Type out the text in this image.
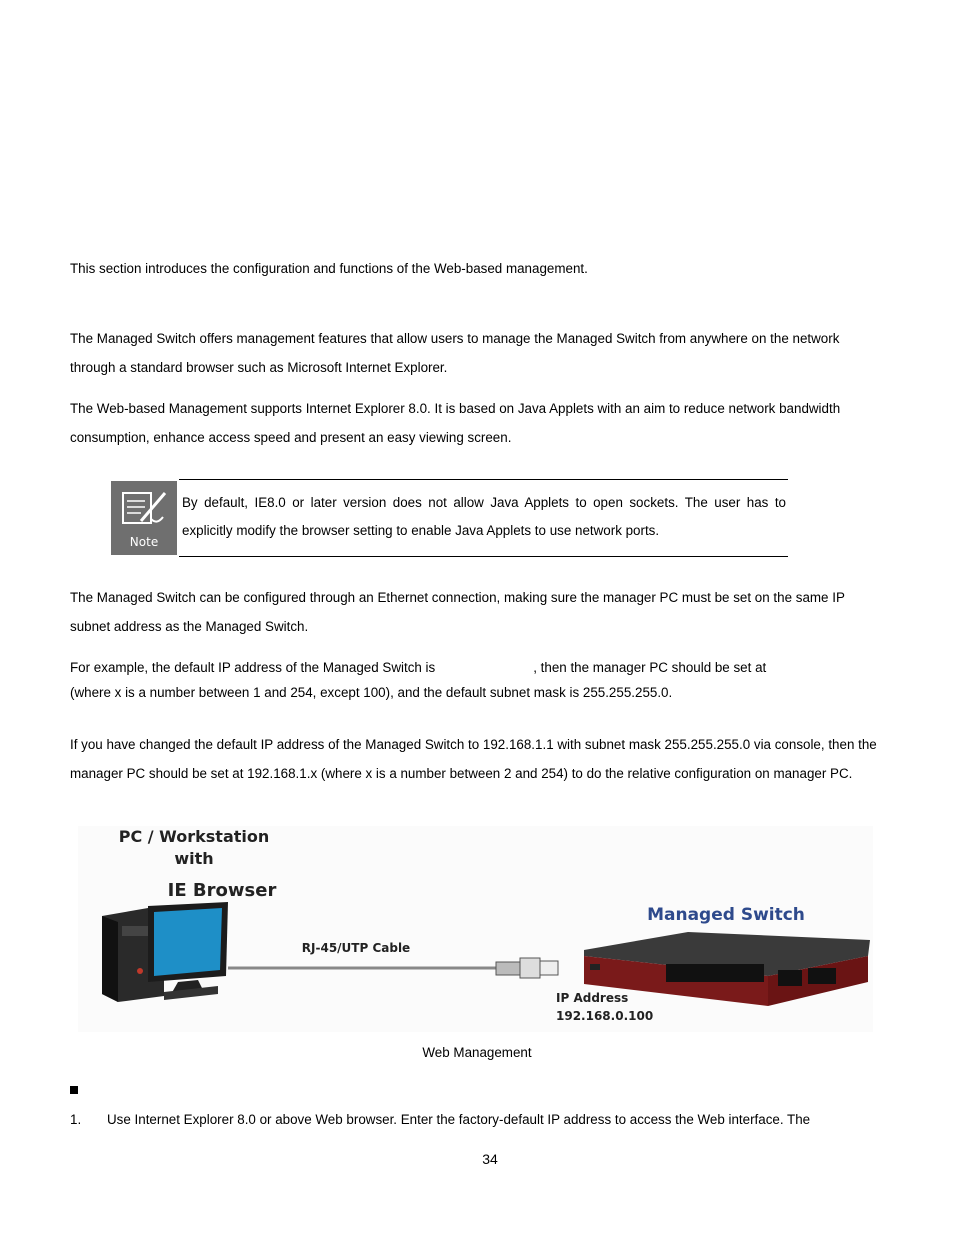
This section introduces the configuration and functions of the Web-based management.

The Managed Switch offers management features that allow users to manage the Managed Switch from anywhere on the network through a standard browser such as Microsoft Internet Explorer.

The Web-based Management supports Internet Explorer 8.0. It is based on Java Applets with an aim to reduce network bandwidth consumption, enhance access speed and present an easy viewing screen.

Note
By default, IE8.0 or later version does not allow Java Applets to open sockets. The user has to explicitly modify the browser setting to enable Java Applets to use network ports.

The Managed Switch can be configured through an Ethernet connection, making sure the manager PC must be set on the same IP subnet address as the Managed Switch.

For example, the default IP address of the Managed Switch is	, then the manager PC should be set at
(where x is a number between 1 and 254, except 100), and the default subnet mask is 255.255.255.0.

If you have changed the default IP address of the Managed Switch to 192.168.1.1 with subnet mask 255.255.255.0 via console, then the manager PC should be set at 192.168.1.x (where x is a number between 2 and 254) to do the relative configuration on manager PC.

PC / Workstation
with
IE Browser
RJ-45/UTP Cable
Managed Switch
IP Address
192.168.0.100
Web Management
1. Use Internet Explorer 8.0 or above Web browser. Enter the factory-default IP address to access the Web interface. The
34
